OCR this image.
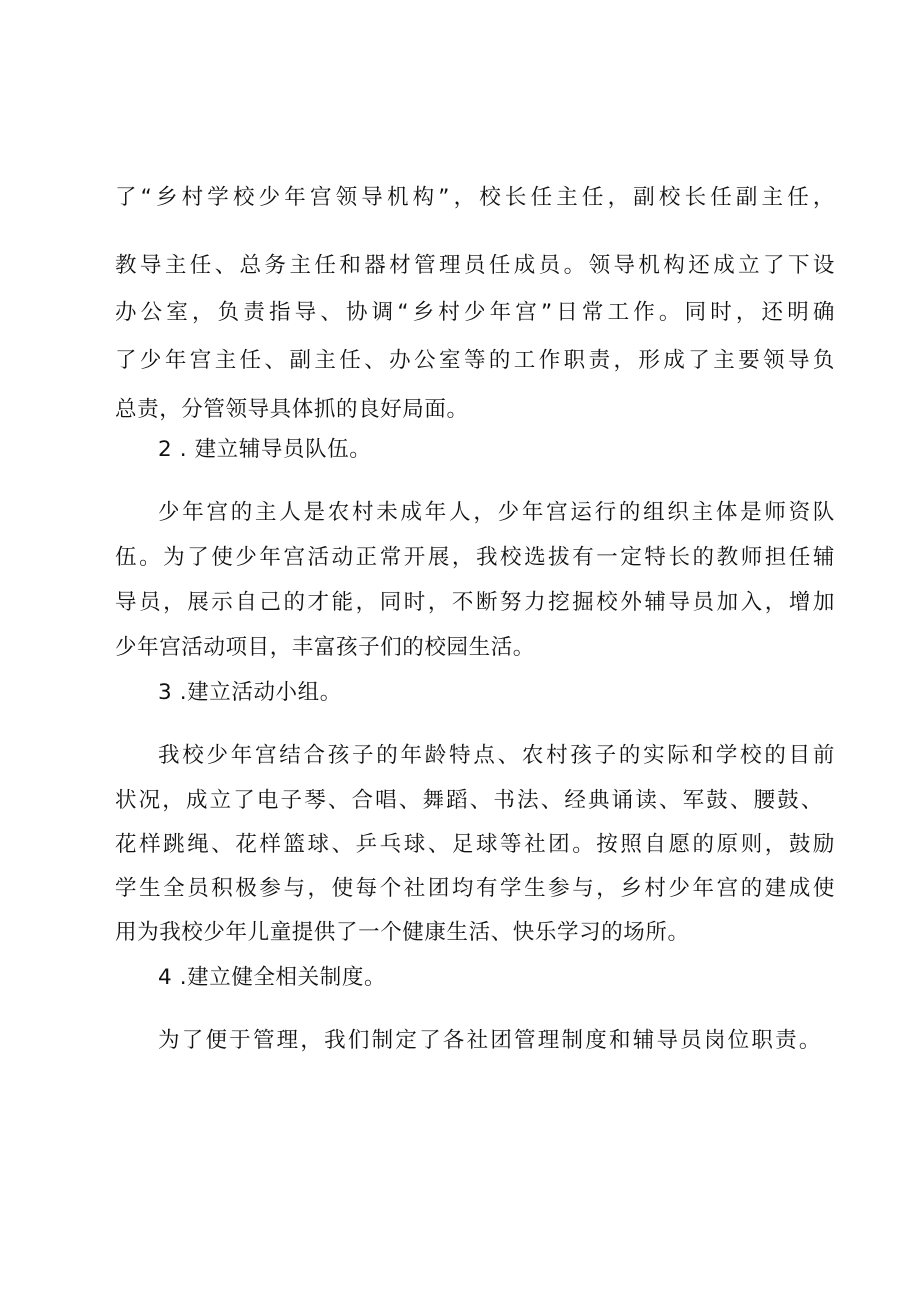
了“乡村学校少年宫领导机构”，校长任主任，副校长任副主任，
教导主任、总务主任和器材管理员任成员。领导机构还成立了下设
办公室，负责指导、协调“乡村少年宫”日常工作。同时，还明确
了少年宫主任、副主任、办公室等的工作职责，形成了主要领导负
总责，分管领导具体抓的良好局面。
2 . 建立辅导员队伍。
少年宫的主人是农村未成年人，少年宫运行的组织主体是师资队
伍。为了使少年宫活动正常开展，我校选拔有一定特长的教师担任辅
导员，展示自己的才能，同时，不断努力挖掘校外辅导员加入，增加
少年宫活动项目，丰富孩子们的校园生活。
3 .建立活动小组。
我校少年宫结合孩子的年龄特点、农村孩子的实际和学校的目前
状况，成立了电子琴、合唱、舞蹈、书法、经典诵读、军鼓、腰鼓、
花样跳绳、花样篮球、乒乓球、足球等社团。按照自愿的原则，鼓励
学生全员积极参与，使每个社团均有学生参与，乡村少年宫的建成使
用为我校少年儿童提供了一个健康生活、快乐学习的场所。
4 .建立健全相关制度。
为了便于管理，我们制定了各社团管理制度和辅导员岗位职责。
